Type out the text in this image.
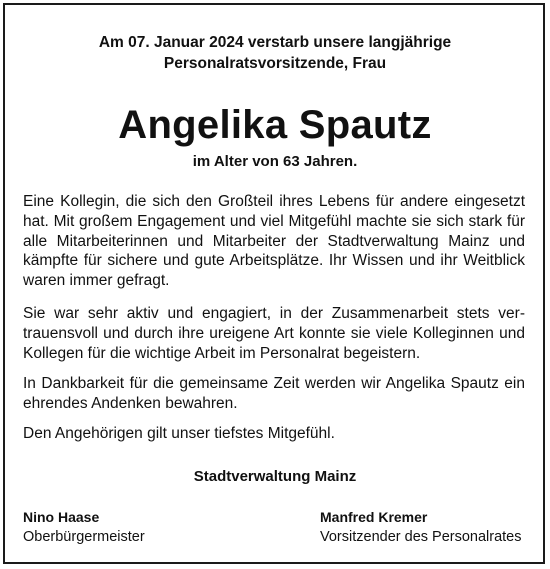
Am 07. Januar 2024 verstarb unsere langjährige
Personalratsvorsitzende, Frau
Angelika Spautz
im Alter von 63 Jahren.

Eine Kollegin, die sich den Großteil ihres Lebens für andere eingesetzt hat. Mit großem Engagement und viel Mitgefühl machte sie sich stark für alle Mitarbeiterinnen und Mitarbeiter der Stadtverwaltung Mainz und kämpfte für sichere und gute Arbeitsplätze. Ihr Wissen und ihr Weitblick waren immer gefragt.

Sie war sehr aktiv und engagiert, in der Zusammenarbeit stets vertrauensvoll und durch ihre ureigene Art konnte sie viele Kolleginnen und Kollegen für die wichtige Arbeit im Personalrat begeistern.

In Dankbarkeit für die gemeinsame Zeit werden wir Angelika Spautz ein ehrendes Andenken bewahren.

Den Angehörigen gilt unser tiefstes Mitgefühl.

Stadtverwaltung Mainz
Nino Haase
Oberbürgermeister
Manfred Kremer
Vorsitzender des Personalrates
